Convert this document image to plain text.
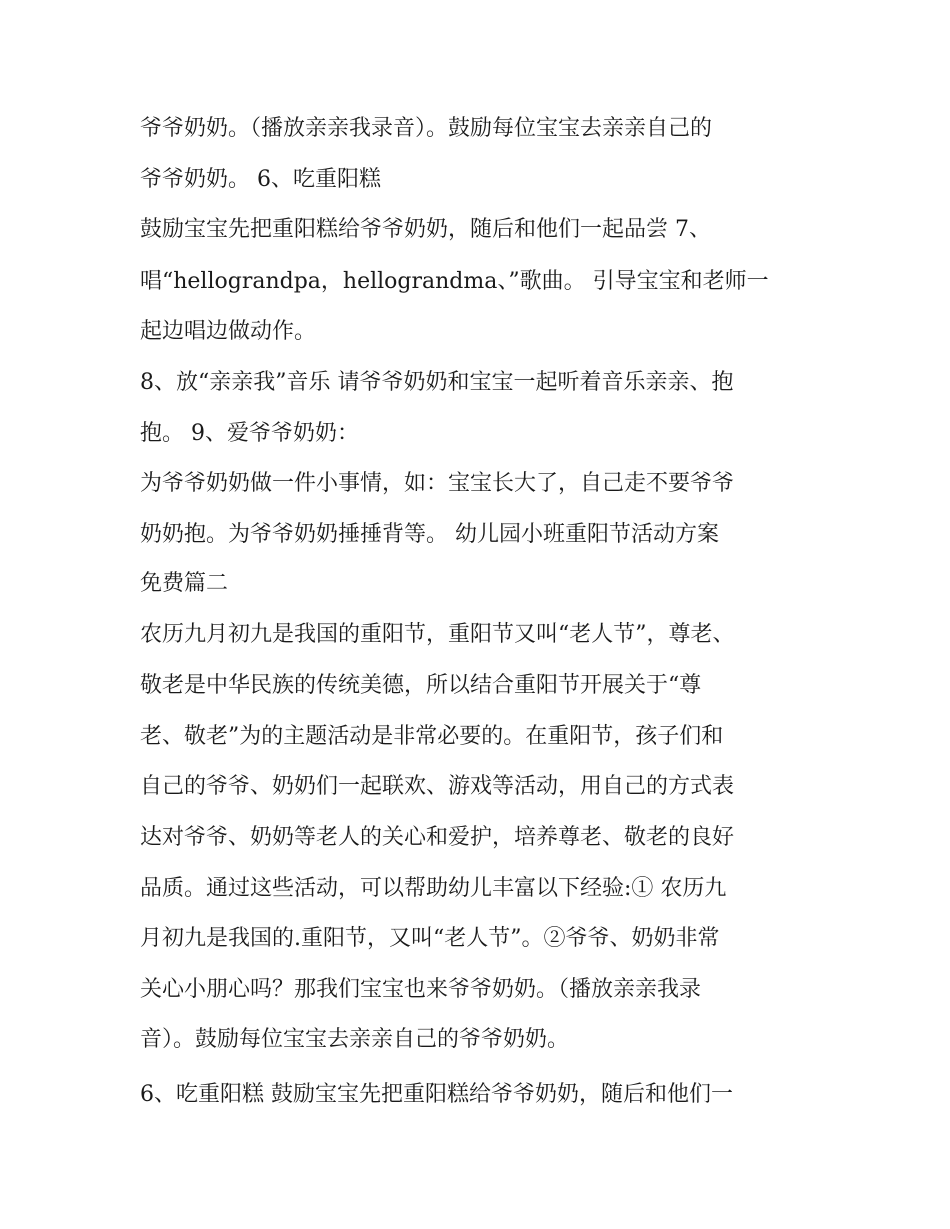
爷爷奶奶。（播放亲亲我录音）。鼓励每位宝宝去亲亲自己的
爷爷奶奶。 6、吃重阳糕
鼓励宝宝先把重阳糕给爷爷奶奶，随后和他们一起品尝 7、
唱“hellograndpa，hellograndma、”歌曲。 引导宝宝和老师一
起边唱边做动作。
8、放“亲亲我”音乐 请爷爷奶奶和宝宝一起听着音乐亲亲、抱
抱。 9、爱爷爷奶奶：
为爷爷奶奶做一件小事情，如：宝宝长大了，自己走不要爷爷
奶奶抱。为爷爷奶奶捶捶背等。 幼儿园小班重阳节活动方案
免费篇二
农历九月初九是我国的重阳节，重阳节又叫“老人节”，尊老、
敬老是中华民族的传统美德，所以结合重阳节开展关于“尊
老、敬老”为的主题活动是非常必要的。在重阳节，孩子们和
自己的爷爷、奶奶们一起联欢、游戏等活动，用自己的方式表
达对爷爷、奶奶等老人的关心和爱护，培养尊老、敬老的良好
品质。通过这些活动，可以帮助幼儿丰富以下经验:① 农历九
月初九是我国的.重阳节，又叫“老人节”。②爷爷、奶奶非常
关心小朋心吗？那我们宝宝也来爷爷奶奶。（播放亲亲我录
音）。鼓励每位宝宝去亲亲自己的爷爷奶奶。
6、吃重阳糕 鼓励宝宝先把重阳糕给爷爷奶奶，随后和他们一
